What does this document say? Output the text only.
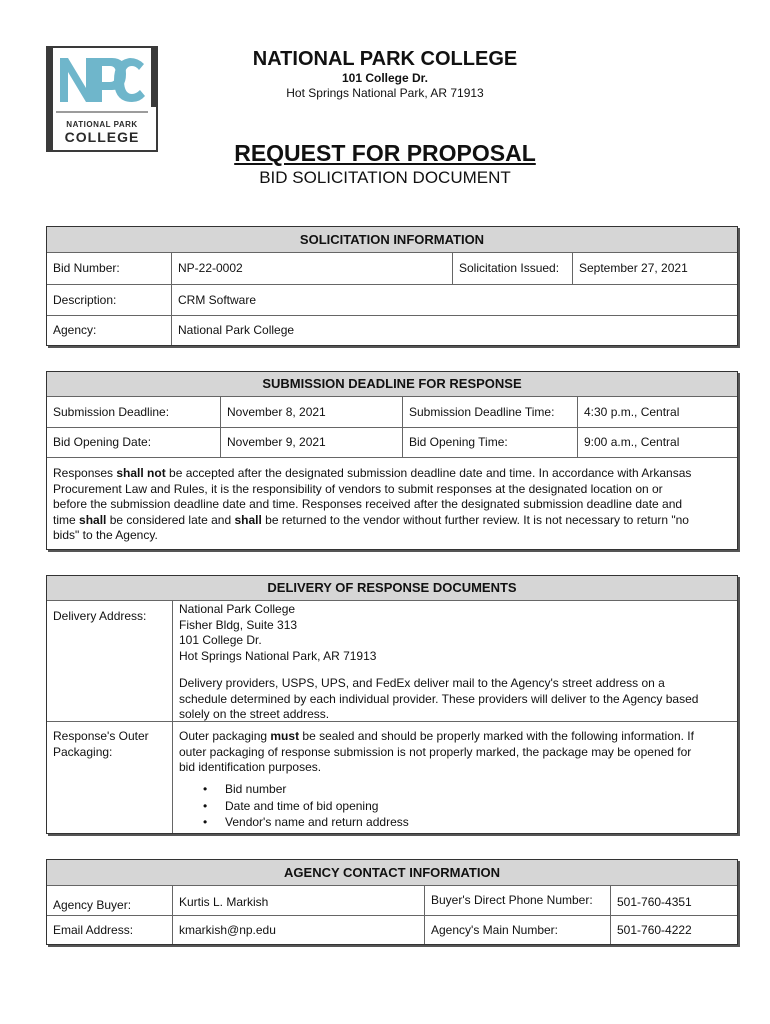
NATIONAL PARK
COLLEGE
NATIONAL PARK COLLEGE
101 College Dr.
Hot Springs National Park, AR 71913
REQUEST FOR PROPOSAL
BID SOLICITATION DOCUMENT
SOLICITATION INFORMATION
Bid Number:	NP-22-0002	Solicitation Issued:	September 27, 2021
Description:	CRM Software
Agency:	National Park College
SUBMISSION DEADLINE FOR RESPONSE
Submission Deadline:	November 8, 2021	Submission Deadline Time:	4:30 p.m., Central
Bid Opening Date:	November 9, 2021	Bid Opening Time:	9:00 a.m., Central
Responses shall not be accepted after the designated submission deadline date and time. In accordance with Arkansas
Procurement Law and Rules, it is the responsibility of vendors to submit responses at the designated location on or
before the submission deadline date and time. Responses received after the designated submission deadline date and
time shall be considered late and shall be returned to the vendor without further review. It is not necessary to return "no
bids" to the Agency.
DELIVERY OF RESPONSE DOCUMENTS
Delivery Address:	National Park College
Fisher Bldg, Suite 313
101 College Dr.
Hot Springs National Park, AR 71913
Delivery providers, USPS, UPS, and FedEx deliver mail to the Agency's street address on a
schedule determined by each individual provider. These providers will deliver to the Agency based
solely on the street address.
Response's Outer
Packaging:
Outer packaging must be sealed and should be properly marked with the following information. If
outer packaging of response submission is not properly marked, the package may be opened for
bid identification purposes.
• Bid number
• Date and time of bid opening
• Vendor's name and return address
AGENCY CONTACT INFORMATION
Agency Buyer:	Kurtis L. Markish	Buyer's Direct Phone Number:	501-760-4351
Email Address:	kmarkish@np.edu	Agency's Main Number:	501-760-4222
